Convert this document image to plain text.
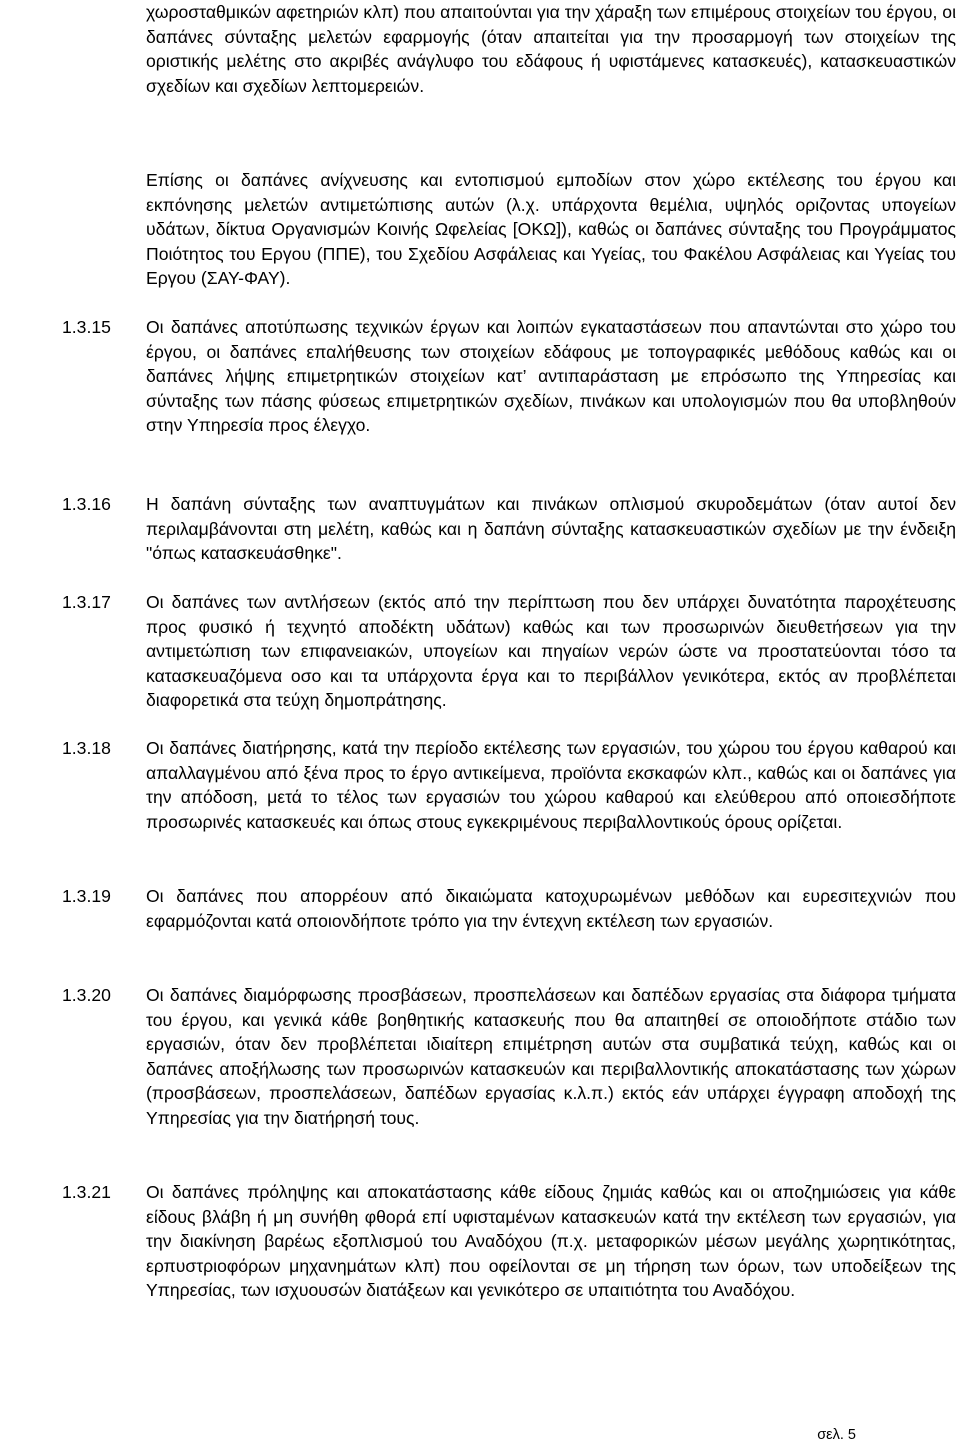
χωροσταθμικών αφετηριών κλπ) που απαιτούνται για την χάραξη των επιμέρους στοιχείων του έργου, οι δαπάνες σύνταξης μελετών εφαρμογής (όταν απαιτείται για την προσαρμογή των στοιχείων της οριστικής μελέτης στο ακριβές ανάγλυφο του εδάφους ή υφιστάμενες κατασκευές), κατασκευαστικών σχεδίων και σχεδίων λεπτομερειών.

Επίσης οι δαπάνες ανίχνευσης και εντοπισμού εμποδίων στον χώρο εκτέλεσης του έργου και εκπόνησης μελετών αντιμετώπισης αυτών (λ.χ. υπάρχοντα θεμέλια, υψηλός οριζοντας υπογείων υδάτων, δίκτυα Οργανισμών Κοινής Ωφελείας [ΟΚΩ]), καθώς οι δαπάνες σύνταξης του Προγράμματος Ποιότητος του Εργου (ΠΠΕ), του Σχεδίου Ασφάλειας και Υγείας, του Φακέλου Ασφάλειας και Υγείας του Εργου (ΣΑΥ-ΦΑΥ).

1.3.15	Οι δαπάνες αποτύπωσης τεχνικών έργων και λοιπών εγκαταστάσεων που απαντώνται στο χώρο του έργου, οι δαπάνες επαλήθευσης των στοιχείων εδάφους με τοπογραφικές μεθόδους καθώς και οι δαπάνες λήψης επιμετρητικών στοιχείων κατ’ αντιπαράσταση με επρόσωπο της Υπηρεσίας και σύνταξης των πάσης φύσεως επιμετρητικών σχεδίων, πινάκων και υπολογισμών που θα υποβληθούν στην Υπηρεσία προς έλεγχο.
1.3.16	Η δαπάνη σύνταξης των αναπτυγμάτων και πινάκων οπλισμού σκυροδεμάτων (όταν αυτοί δεν περιλαμβάνονται στη μελέτη, καθώς και η δαπάνη σύνταξης κατασκευαστικών σχεδίων με την ένδειξη "όπως κατασκευάσθηκε".
1.3.17	Οι δαπάνες των αντλήσεων (εκτός από την περίπτωση που δεν υπάρχει δυνατότητα παροχέτευσης προς φυσικό ή τεχνητό αποδέκτη υδάτων) καθώς και των προσωρινών διευθετήσεων για την αντιμετώπιση των επιφανειακών, υπογείων και πηγαίων νερών ώστε να προστατεύονται τόσο τα κατασκευαζόμενα οσο και τα υπάρχοντα έργα και το περιβάλλον γενικότερα, εκτός αν προβλέπεται διαφορετικά στα τεύχη δημοπράτησης.
1.3.18	Οι δαπάνες διατήρησης, κατά την περίοδο εκτέλεσης των εργασιών, του χώρου του έργου καθαρού και απαλλαγμένου από ξένα προς το έργο αντικείμενα, προϊόντα εκσκαφών κλπ., καθώς και οι δαπάνες για την απόδοση, μετά το τέλος των εργασιών του χώρου καθαρού και ελεύθερου από οποιεσδήποτε προσωρινές κατασκευές και όπως στους εγκεκριμένους περιβαλλοντικούς όρους ορίζεται.
1.3.19	Οι δαπάνες που απορρέουν από δικαιώματα κατοχυρωμένων μεθόδων και ευρεσιτεχνιών που εφαρμόζονται κατά οποιονδήποτε τρόπο για την έντεχνη εκτέλεση των εργασιών.
1.3.20	Οι δαπάνες διαμόρφωσης προσβάσεων, προσπελάσεων και δαπέδων εργασίας στα διάφορα τμήματα του έργου, και γενικά κάθε βοηθητικής κατασκευής που θα απαιτηθεί σε οποιοδήποτε στάδιο των εργασιών, όταν δεν προβλέπεται ιδιαίτερη επιμέτρηση αυτών στα συμβατικά τεύχη, καθώς και οι δαπάνες αποξήλωσης των προσωρινών κατασκευών και περιβαλλοντικής αποκατάστασης των χώρων (προσβάσεων, προσπελάσεων, δαπέδων εργασίας κ.λ.π.) εκτός εάν υπάρχει έγγραφη αποδοχή της Υπηρεσίας για την διατήρησή τους.
1.3.21	Οι δαπάνες πρόληψης και αποκατάστασης κάθε είδους ζημιάς καθώς και οι αποζημιώσεις για κάθε είδους βλάβη ή μη συνήθη φθορά επί υφισταμένων κατασκευών κατά την εκτέλεση των εργασιών, για την διακίνηση βαρέως εξοπλισμού του Αναδόχου (π.χ. μεταφορικών μέσων μεγάλης χωρητικότητας, ερπυστριοφόρων μηχανημάτων κλπ) που οφείλονται σε μη τήρηση των όρων, των υποδείξεων της Υπηρεσίας, των ισχυουσών διατάξεων και γενικότερο σε υπαιτιότητα του Αναδόχου.
σελ. 5
